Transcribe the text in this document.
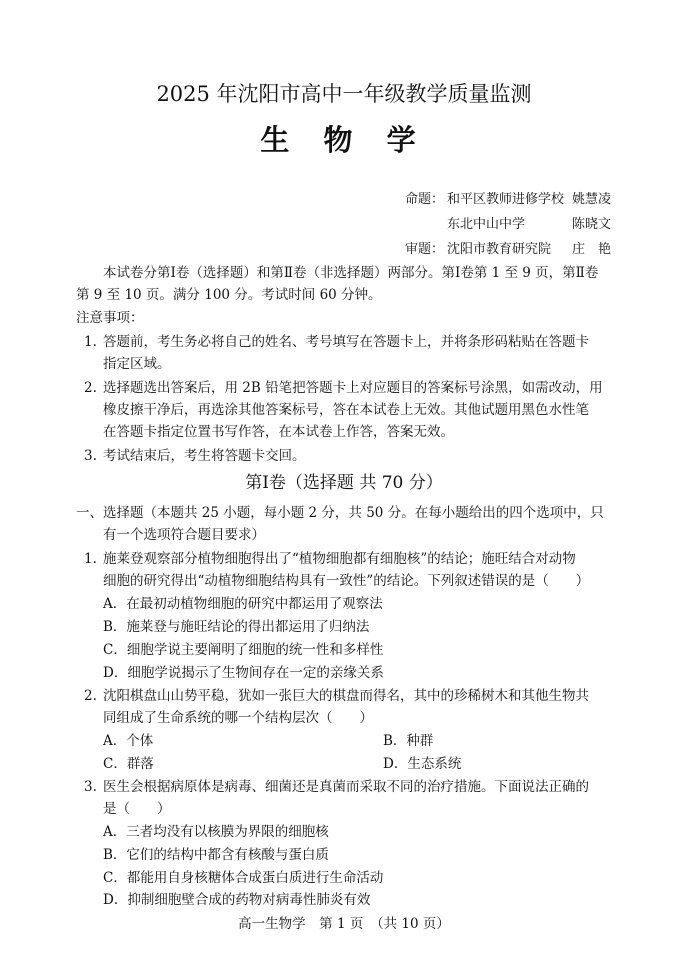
2025 年沈阳市高中一年级教学质量监测
生 物 学
命题： 和平区教师进修学校 姚慧凌
东北中山中学	陈晓文
审题： 沈阳市教育研究院 庄　艳
本试卷分第Ⅰ卷（选择题）和第Ⅱ卷（非选择题）两部分。第Ⅰ卷第 1 至 9 页，第Ⅱ卷
第 9 至 10 页。满分 100 分。考试时间 60 分钟。
注意事项：
1. 答题前，考生务必将自己的姓名、考号填写在答题卡上，并将条形码粘贴在答题卡
指定区域。
2. 选择题选出答案后，用 2B 铅笔把答题卡上对应题目的答案标号涂黑，如需改动，用
橡皮擦干净后，再选涂其他答案标号，答在本试卷上无效。其他试题用黑色水性笔
在答题卡指定位置书写作答，在本试卷上作答，答案无效。
3. 考试结束后，考生将答题卡交回。
第Ⅰ卷（选择题 共 70 分）
一、 选择题（本题共 25 小题，每小题 2 分，共 50 分。在每小题给出的四个选项中，只
有一个选项符合题目要求）
1. 施莱登观察部分植物细胞得出了“植物细胞都有细胞核”的结论；施旺结合对动物
细胞的研究得出“动植物细胞结构具有一致性”的结论。下列叙述错误的是（　　）
A．在最初动植物细胞的研究中都运用了观察法
B．施莱登与施旺结论的得出都运用了归纳法
C．细胞学说主要阐明了细胞的统一性和多样性
D．细胞学说揭示了生物间存在一定的亲缘关系
2. 沈阳棋盘山山势平稳，犹如一张巨大的棋盘而得名，其中的珍稀树木和其他生物共
同组成了生命系统的哪一个结构层次（　　）
A．个体	B．种群
C．群落	D．生态系统
3. 医生会根据病原体是病毒、细菌还是真菌而采取不同的治疗措施。下面说法正确的
是（　　）
A．三者均没有以核膜为界限的细胞核
B．它们的结构中都含有核酸与蛋白质
C．都能用自身核糖体合成蛋白质进行生命活动
D．抑制细胞壁合成的药物对病毒性肺炎有效
高一生物学　第 1 页　（共 10 页）
